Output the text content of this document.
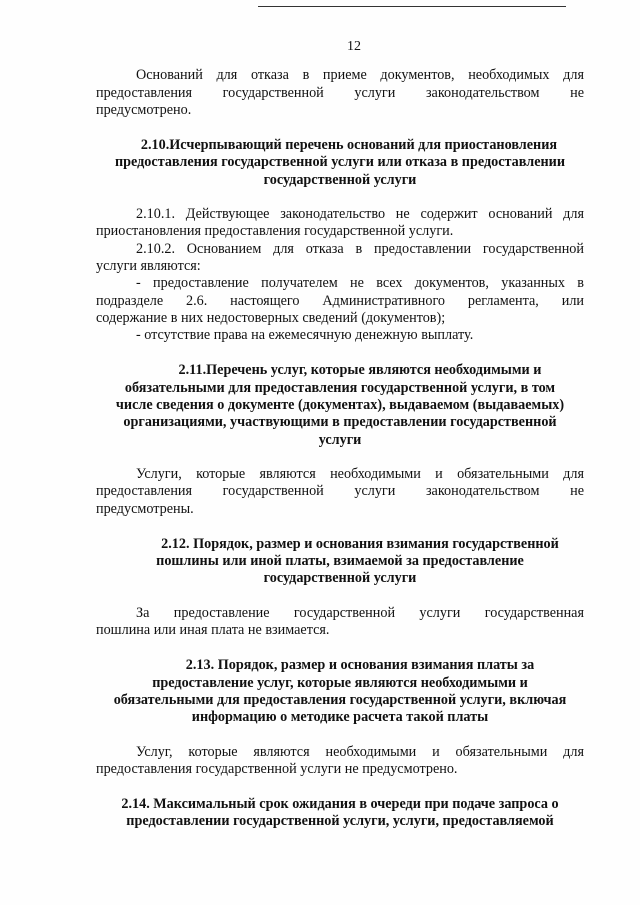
12
Оснований для отказа в приеме документов, необходимых для
предоставления государственной услуги законодательством не
предусмотрено.
2.10.Исчерпывающий перечень оснований для приостановления
предоставления государственной услуги или отказа в предоставлении
государственной услуги
2.10.1. Действующее законодательство не содержит оснований для
приостановления предоставления государственной услуги.
2.10.2. Основанием для отказа в предоставлении государственной
услуги являются:
- предоставление получателем не всех документов, указанных в
подразделе 2.6. настоящего Административного регламента, или
содержание в них недостоверных сведений (документов);
- отсутствие права на ежемесячную денежную выплату.
2.11.Перечень услуг, которые являются необходимыми и
обязательными для предоставления государственной услуги, в том
числе сведения о документе (документах), выдаваемом (выдаваемых)
организациями, участвующими в предоставлении государственной
услуги
Услуги, которые являются необходимыми и обязательными для
предоставления государственной услуги законодательством не
предусмотрены.
2.12. Порядок, размер и основания взимания государственной
пошлины или иной платы, взимаемой за предоставление
государственной услуги
За предоставление государственной услуги государственная
пошлина или иная плата не взимается.
2.13. Порядок, размер и основания взимания платы за
предоставление услуг, которые являются необходимыми и
обязательными для предоставления государственной услуги, включая
информацию о методике расчета такой платы
Услуг, которые являются необходимыми и обязательными для
предоставления государственной услуги не предусмотрено.
2.14. Максимальный срок ожидания в очереди при подаче запроса о
предоставлении государственной услуги, услуги, предоставляемой
